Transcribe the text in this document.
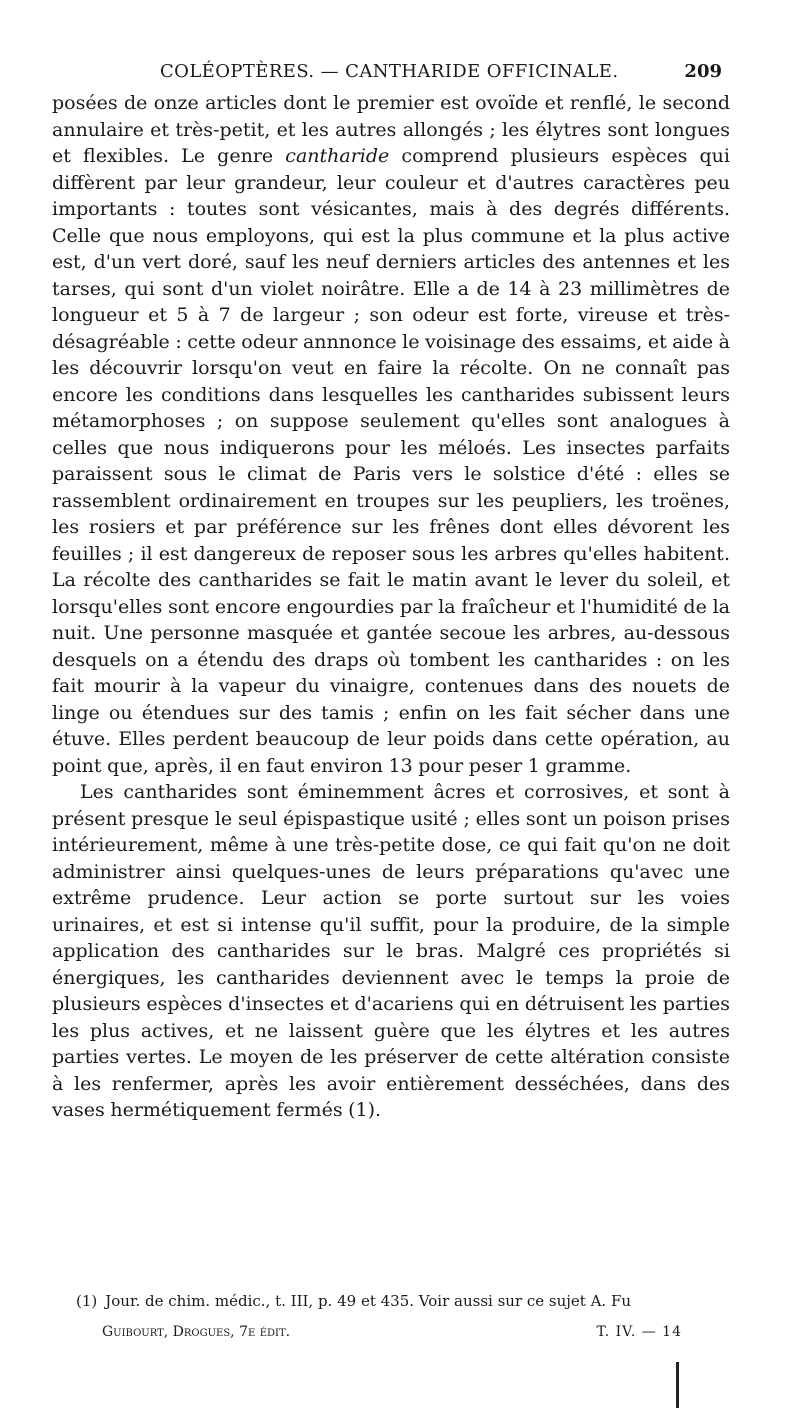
COLÉOPTÈRES. — CANTHARIDE OFFICINALE.	209

posées de onze articles dont le premier est ovoïde et renflé, le second annulaire et très-petit, et les autres allongés ; les élytres sont longues et flexibles. Le genre cantharide comprend plusieurs espèces qui diffèrent par leur grandeur, leur couleur et d'autres caractères peu importants : toutes sont vésicantes, mais à des degrés différents. Celle que nous employons, qui est la plus commune et la plus active est, d'un vert doré, sauf les neuf derniers articles des antennes et les tarses, qui sont d'un violet noirâtre. Elle a de 14 à 23 millimètres de longueur et 5 à 7 de largeur ; son odeur est forte, vireuse et très-désagréable : cette odeur annnonce le voisinage des essaims, et aide à les découvrir lorsqu'on veut en faire la récolte. On ne connaît pas encore les conditions dans lesquelles les cantharides subissent leurs métamorphoses ; on suppose seulement qu'elles sont analogues à celles que nous indiquerons pour les méloés. Les insectes parfaits paraissent sous le climat de Paris vers le solstice d'été : elles se rassemblent ordinairement en troupes sur les peupliers, les troënes, les rosiers et par préférence sur les frênes dont elles dévorent les feuilles ; il est dangereux de reposer sous les arbres qu'elles habitent. La récolte des cantharides se fait le matin avant le lever du soleil, et lorsqu'elles sont encore engourdies par la fraîcheur et l'humidité de la nuit. Une personne masquée et gantée secoue les arbres, au-dessous desquels on a étendu des draps où tombent les cantharides : on les fait mourir à la vapeur du vinaigre, contenues dans des nouets de linge ou étendues sur des tamis ; enfin on les fait sécher dans une étuve. Elles perdent beaucoup de leur poids dans cette opération, au point que, après, il en faut environ 13 pour peser 1 gramme.

Les cantharides sont éminemment âcres et corrosives, et sont à présent presque le seul épispastique usité ; elles sont un poison prises intérieurement, même à une très-petite dose, ce qui fait qu'on ne doit administrer ainsi quelques-unes de leurs préparations qu'avec une extrême prudence. Leur action se porte surtout sur les voies urinaires, et est si intense qu'il suffit, pour la produire, de la simple application des cantharides sur le bras. Malgré ces propriétés si énergiques, les cantharides deviennent avec le temps la proie de plusieurs espèces d'insectes et d'acariens qui en détruisent les parties les plus actives, et ne laissent guère que les élytres et les autres parties vertes. Le moyen de les préserver de cette altération consiste à les renfermer, après les avoir entièrement desséchées, dans des vases hermétiquement fermés (1).

(1) Jour. de chim. médic., t. III, p. 49 et 435. Voir aussi sur ce sujet A. Fu
Guibourt, Drogues, 7e édit.	T. IV. — 14
